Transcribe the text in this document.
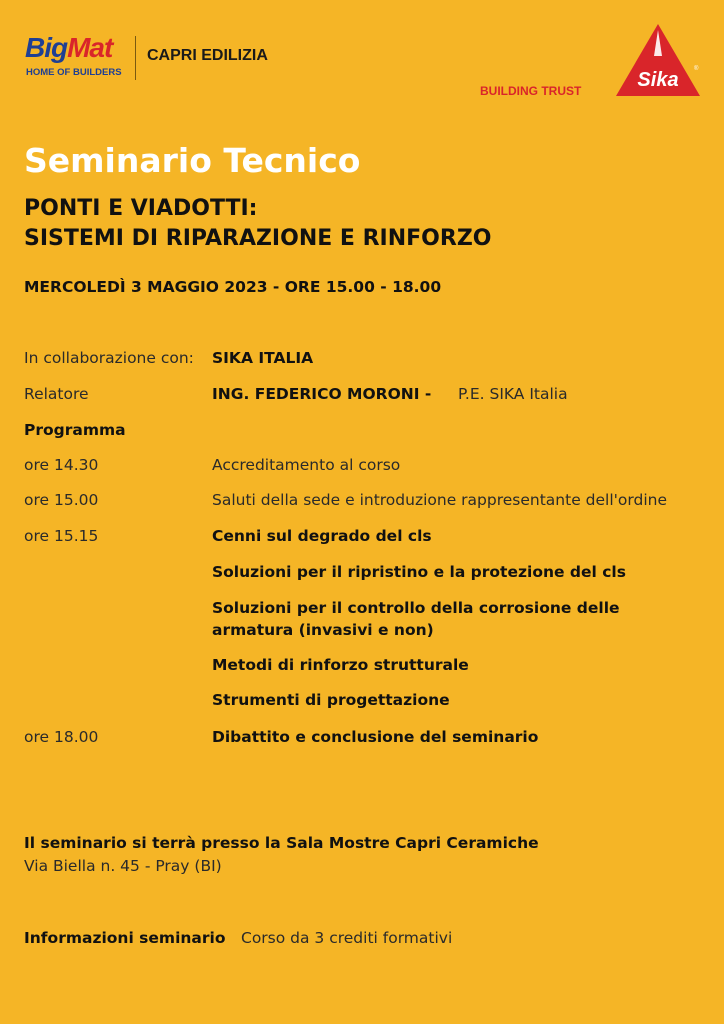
BigMat
HOME OF BUILDERS
CAPRI EDILIZIA
BUILDING TRUST	Sika	®
Seminario Tecnico
PONTI E VIADOTTI:
SISTEMI DI RIPARAZIONE E RINFORZO
MERCOLEDÌ 3 MAGGIO 2023 - ORE 15.00 - 18.00
In collaborazione con: SIKA ITALIA
Relatore	ING. FEDERICO MORONI - P.E. SIKA Italia
Programma
ore 14.30	Accreditamento al corso
ore 15.00	Saluti della sede e introduzione rappresentante dell'ordine
ore 15.15	Cenni sul degrado del cls
Soluzioni per il ripristino e la protezione del cls
Soluzioni per il controllo della corrosione delle armatura (invasivi e non)
Metodi di rinforzo strutturale
Strumenti di progettazione
ore 18.00	Dibattito e conclusione del seminario
Il seminario si terrà presso la Sala Mostre Capri Ceramiche
Via Biella n. 45 - Pray (BI)
Informazioni seminario Corso da 3 crediti formativi
